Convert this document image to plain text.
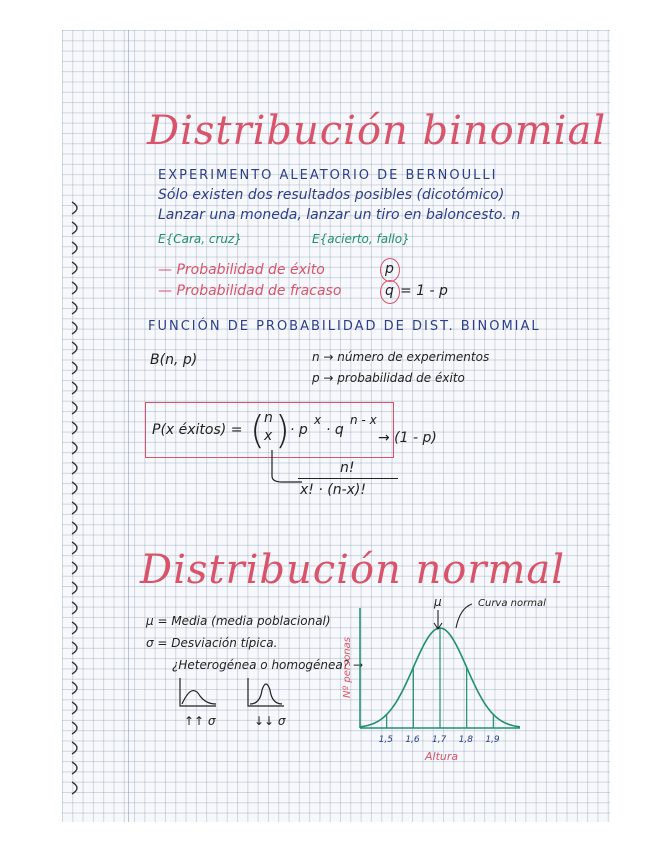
Distribución binomial
EXPERIMENTO ALEATORIO DE BERNOULLI
Sólo existen dos resultados posibles (dicotómico)
Lanzar una moneda, lanzar un tiro en baloncesto. n
E{Cara, cruz}	E{acierto, fallo}
— Probabilidad de éxito	p
— Probabilidad de fracaso	q = 1 - p
FUNCIÓN DE PROBABILIDAD DE DIST. BINOMIAL
B(n, p)	n → número de experimentos
p → probabilidad de éxito
P(x éxitos) = ( n
x ) · p
x
· q
n - x
→ (1 - p)
n!
x! · (n-x)!
Distribución normal
μ = Media (media poblacional)
σ = Desviación típica.
¿Heterogénea o homogénea? →
↑↑ σ	↓↓ σ
1,5 1,6 1,7 1,8 1,9
Nº personas
Altura
μ	Curva normal
